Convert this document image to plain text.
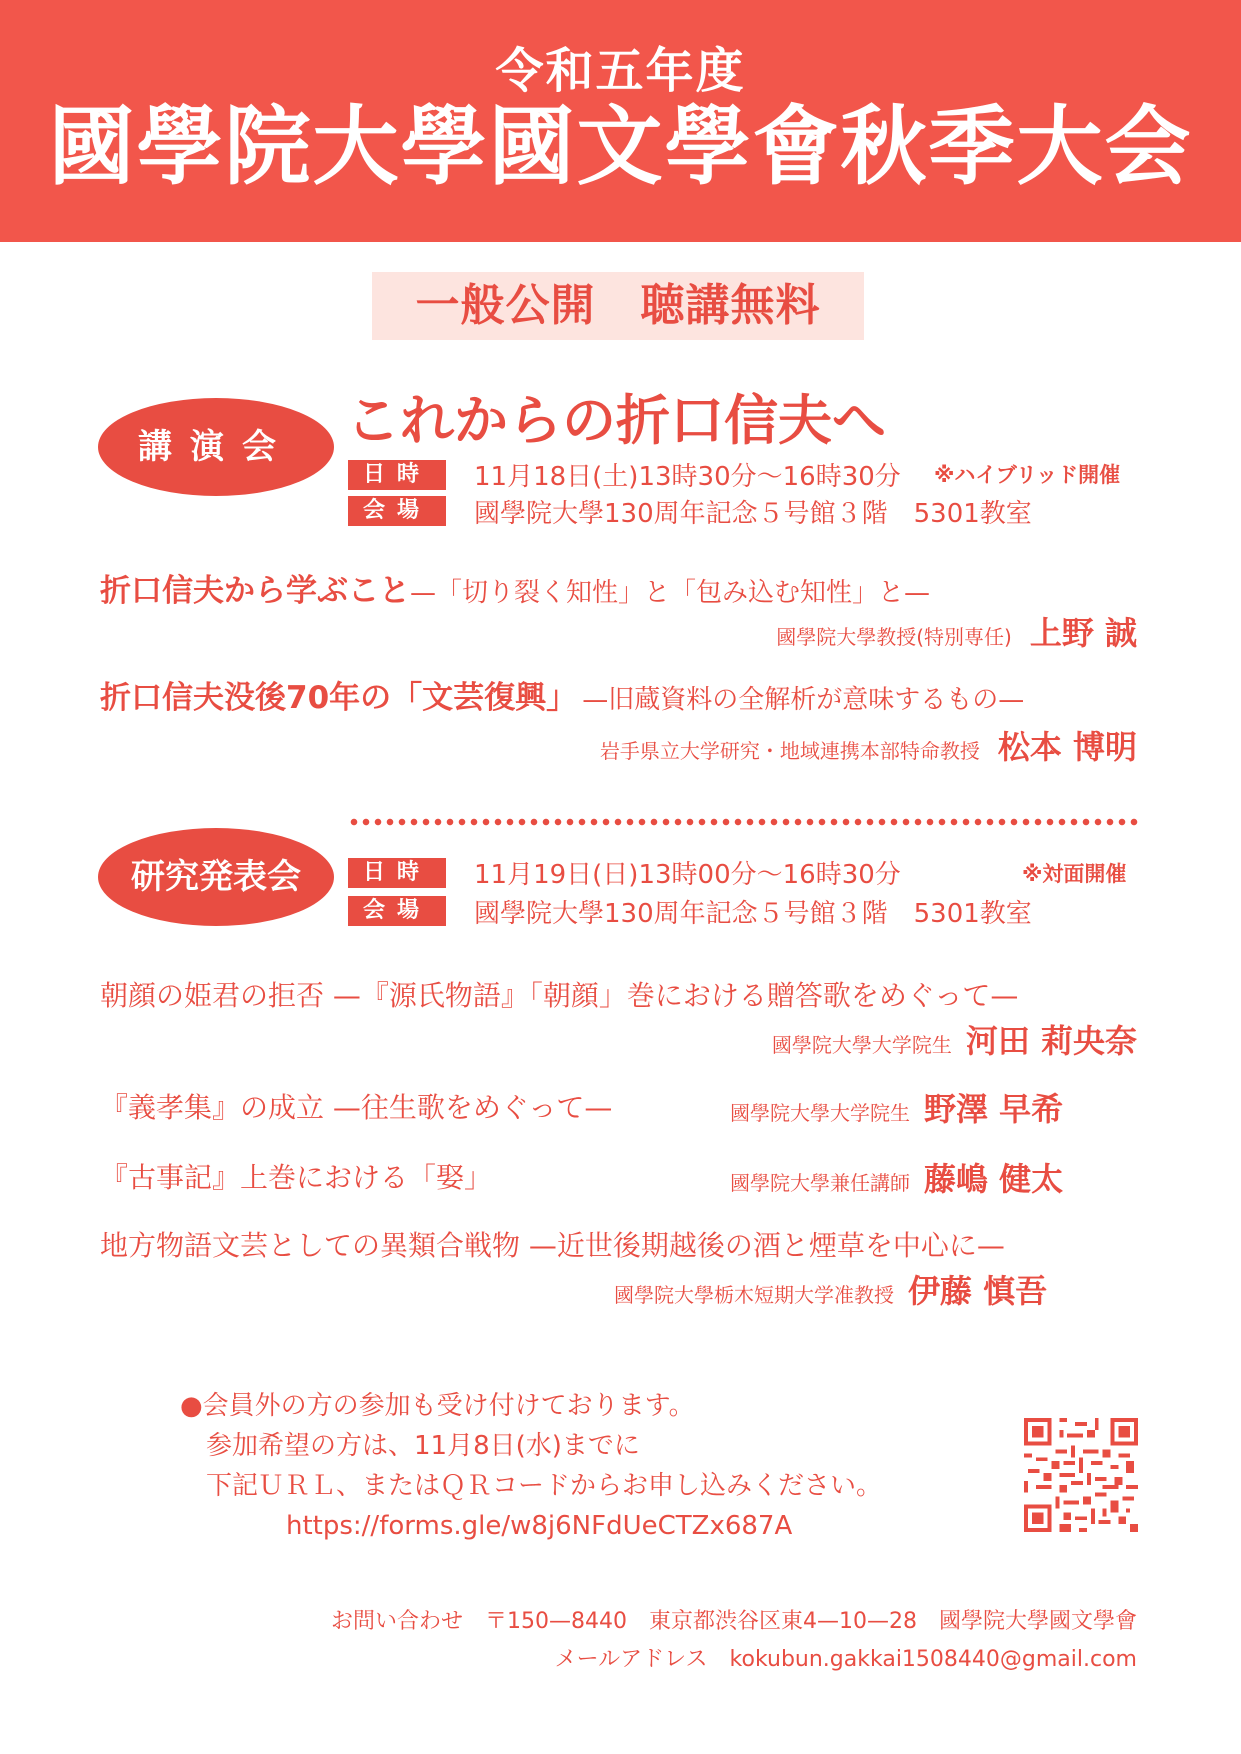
令和五年度
國學院大學國文學會秋季大会
一般公開　聴講無料
講演会 これからの折口信夫へ
日時	11月18日(土)13時30分〜16時30分 ※ハイブリッド開催
会場	國學院大學130周年記念５号館３階　5301教室
折口信夫から学ぶこと—「切り裂く知性」と「包み込む知性」と—
國學院大學教授(特別専任) 上野 誠
折口信夫没後70年の「文芸復興」 —旧蔵資料の全解析が意味するもの—
岩手県立大学研究・地域連携本部特命教授 松本 博明
研究発表会	日時	11月19日(日)13時00分〜16時30分	※対面開催
会場	國學院大學130周年記念５号館３階　5301教室
朝顔の姫君の拒否 —『源氏物語』「朝顔」巻における贈答歌をめぐって—
國學院大學大学院生 河田 莉央奈
『義孝集』の成立 —往生歌をめぐって—	國學院大學大学院生 野澤 早希
『古事記』上巻における「娶」	國學院大學兼任講師 藤嶋 健太
地方物語文芸としての異類合戦物 —近世後期越後の酒と煙草を中心に—
國學院大學栃木短期大学准教授 伊藤 慎吾
●会員外の方の参加も受け付けております。
参加希望の方は、11月8日(水)までに
下記ＵＲＬ、またはＱＲコードからお申し込みください。
https://forms.gle/w8j6NFdUeCTZx687A
お問い合わせ　〒150—8440　東京都渋谷区東4—10—28　國學院大學國文學會
メールアドレス　kokubun.gakkai1508440@gmail.com
